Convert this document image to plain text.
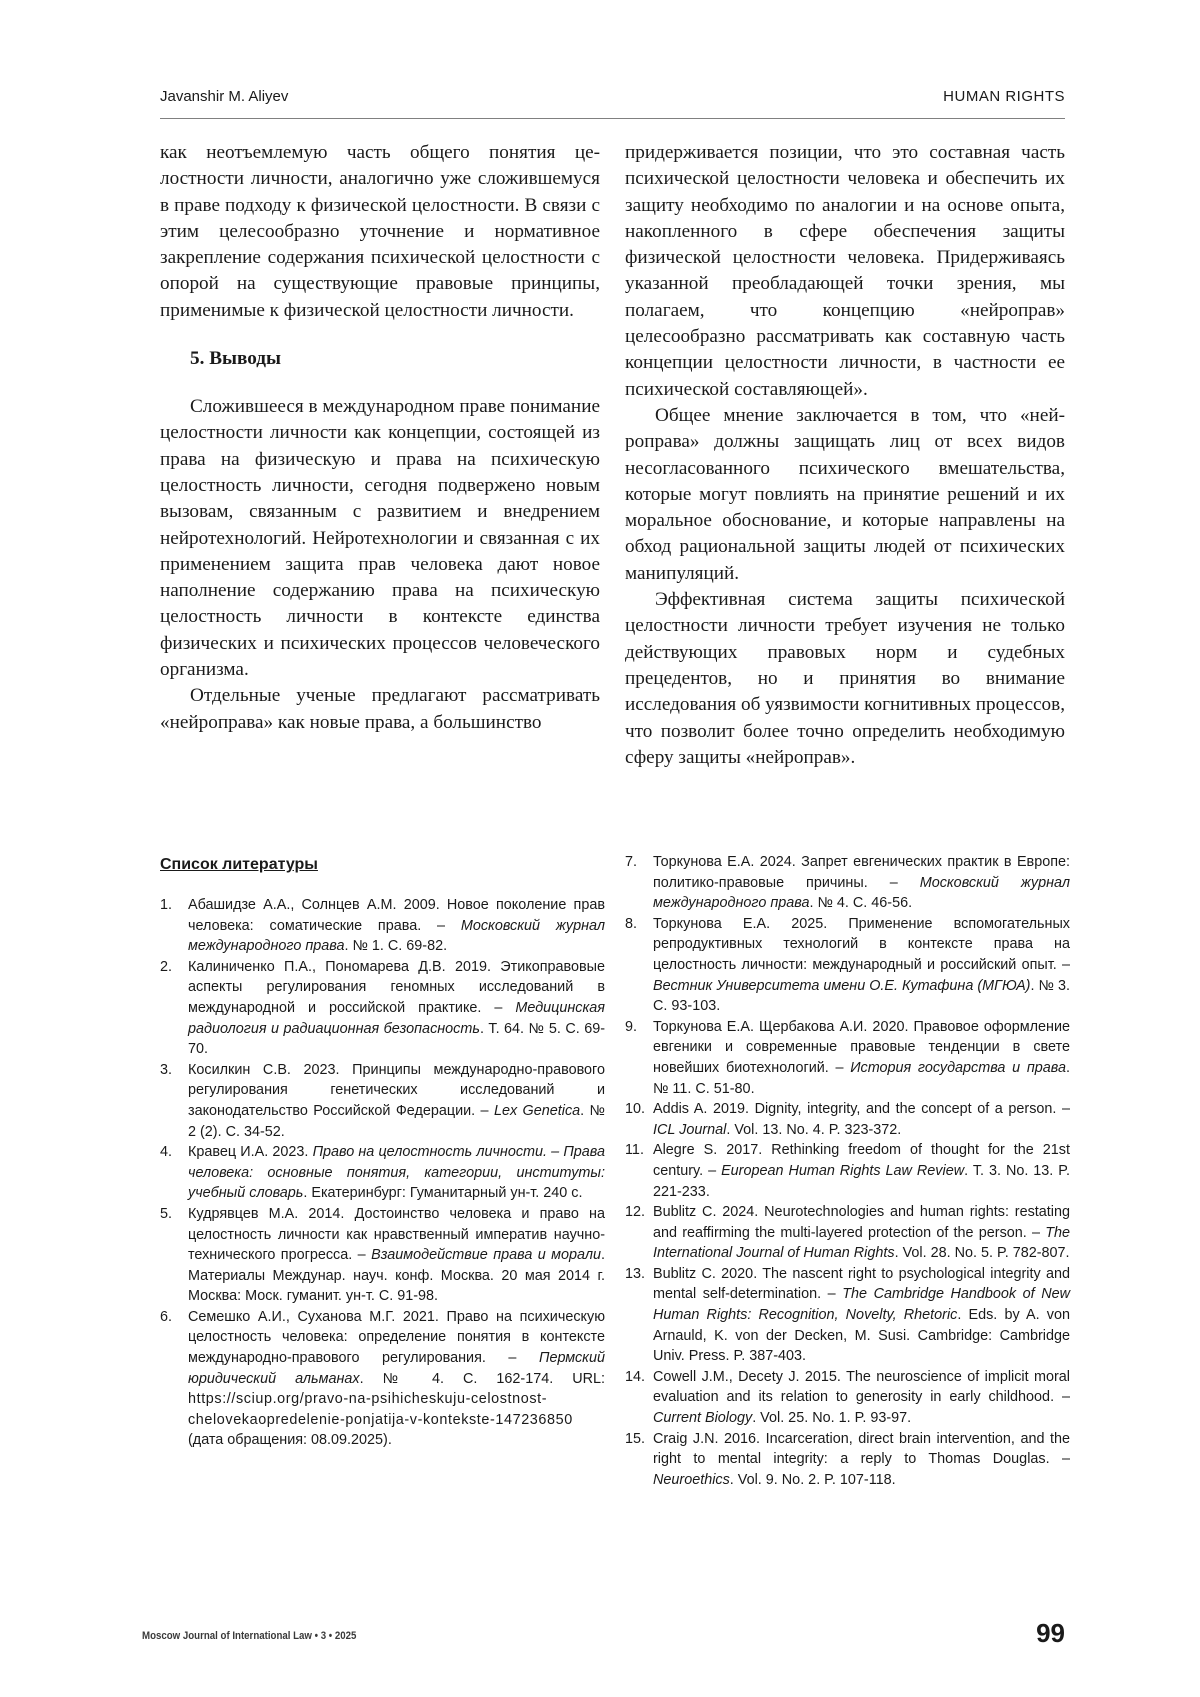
Javanshir M. Aliyev	HUMAN RIGHTS

как неотъемлемую часть общего понятия целостности личности, аналогично уже сложившемуся в праве подходу к физической целостности. В связи с этим целесообразно уточнение и нормативное закрепление содержания психической целостности с опорой на существующие правовые принципы, применимые к физической целостности личности.

5. Выводы

Сложившееся в международном праве понимание целостности личности как концепции, состоящей из права на физическую и права на психическую целостность личности, сегодня подвержено новым вызовам, связанным с развитием и внедрением нейротехнологий. Нейротехнологии и связанная с их применением защита прав человека дают новое наполнение содержанию права на психическую целостность личности в контексте единства физических и психических процессов человеческого организма.

Отдельные ученые предлагают рассматривать «нейроправа» как новые права, а большинство

придерживается позиции, что это составная часть психической целостности человека и обеспечить их защиту необходимо по аналогии и на основе опыта, накопленного в сфере обеспечения защиты физической целостности человека. Придерживаясь указанной преобладающей точки зрения, мы полагаем, что концепцию «нейроправ» целесообразно рассматривать как составную часть концепции целостности личности, в частности ее психической составляющей».

Общее мнение заключается в том, что «нейроправа» должны защищать лиц от всех видов несогласованного психического вмешательства, которые могут повлиять на принятие решений и их моральное обоснование, и которые направлены на обход рациональной защиты людей от психических манипуляций.

Эффективная система защиты психической целостности личности требует изучения не только действующих правовых норм и судебных прецедентов, но и принятия во внимание исследования об уязвимости когнитивных процессов, что позволит более точно определить необходимую сферу защиты «нейроправ».

Список литературы
1. Абашидзе А.А., Солнцев А.М. 2009. Новое поколение прав человека: соматические права. – Московский журнал международного права. № 1. С. 69-82.
2. Калиниченко П.А., Пономарева Д.В. 2019. Этикоправовые аспекты регулирования геномных исследований в международной и российской практике. – Медицинская радиология и радиационная безопасность. Т. 64. № 5. С. 69-70.
3. Косилкин С.В. 2023. Принципы международно-правового регулирования генетических исследований и законодательство Российской Федерации. – Lex Genetica. № 2 (2). С. 34-52.
4. Кравец И.А. 2023. Право на целостность личности. – Права человека: основные понятия, категории, институты: учебный словарь. Екатеринбург: Гуманитарный ун-т. 240 с.
5. Кудрявцев М.А. 2014. Достоинство человека и право на целостность личности как нравственный императив научно-технического прогресса. – Взаимодействие права и морали. Материалы Междунар. науч. конф. Москва. 20 мая 2014 г. Москва: Моск. гуманит. ун-т. С. 91-98.
6. Семешко А.И., Суханова М.Г. 2021. Право на психическую целостность человека: определение понятия в контексте международно-правового регулирования. – Пермский юридический альманах. № 4. С. 162-174. URL: https://sciup.org/pravo-na-psihicheskuju-celostnost-chelovekaopredelenie-ponjatija-v-kontekste-147236850 (дата обращения: 08.09.2025).
7. Торкунова Е.А. 2024. Запрет евгенических практик в Европе: политико-правовые причины. – Московский журнал международного права. № 4. С. 46-56.
8. Торкунова Е.А. 2025. Применение вспомогательных репродуктивных технологий в контексте права на целостность личности: международный и российский опыт. – Вестник Университета имени О.Е. Кутафина (МГЮА). № 3. С. 93-103.
9. Торкунова Е.А. Щербакова А.И. 2020. Правовое оформление евгеники и современные правовые тенденции в свете новейших биотехнологий. – История государства и права. № 11. С. 51-80.
10. Addis A. 2019. Dignity, integrity, and the concept of a person. – ICL Journal. Vol. 13. No. 4. P. 323-372.
11. Alegre S. 2017. Rethinking freedom of thought for the 21st century. – European Human Rights Law Review. T. 3. No. 13. P. 221-233.
12. Bublitz C. 2024. Neurotechnologies and human rights: restating and reaffirming the multi-layered protection of the person. – The International Journal of Human Rights. Vol. 28. No. 5. P. 782-807.
13. Bublitz C. 2020. The nascent right to psychological integrity and mental self-determination. – The Cambridge Handbook of New Human Rights: Recognition, Novelty, Rhetoric. Eds. by A. von Arnauld, K. von der Decken, M. Susi. Cambridge: Cambridge Univ. Press. P. 387-403.
14. Cowell J.M., Decety J. 2015. The neuroscience of implicit moral evaluation and its relation to generosity in early childhood. – Current Biology. Vol. 25. No. 1. P. 93-97.
15. Craig J.N. 2016. Incarceration, direct brain intervention, and the right to mental integrity: a reply to Thomas Douglas. – Neuroethics. Vol. 9. No. 2. P. 107-118.
Moscow Journal of International Law • 3 • 2025	99
